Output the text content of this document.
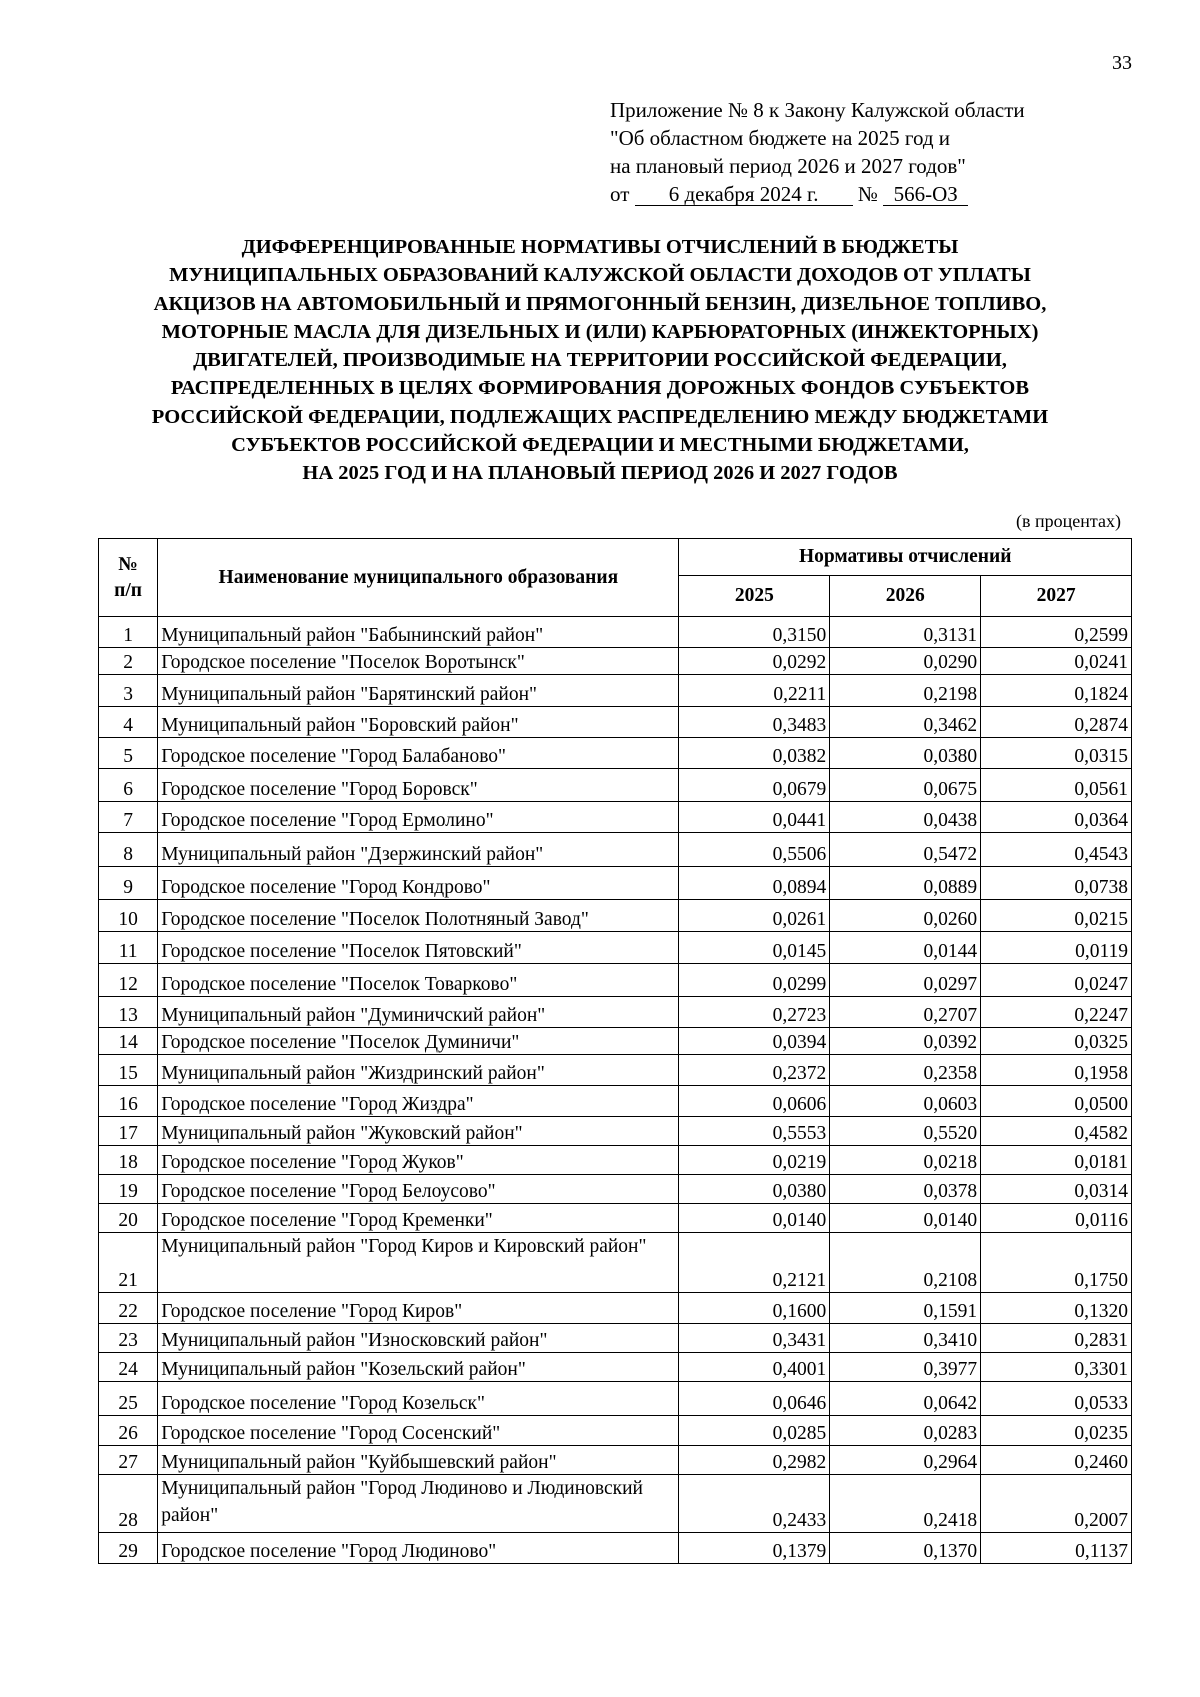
33
Приложение № 8 к Закону Калужской области
"Об областном бюджете на 2025 год и
на плановый период 2026 и 2027 годов"
от 6 декабря 2024 г. № 566-ОЗ
ДИФФЕРЕНЦИРОВАННЫЕ НОРМАТИВЫ ОТЧИСЛЕНИЙ В БЮДЖЕТЫ
МУНИЦИПАЛЬНЫХ ОБРАЗОВАНИЙ КАЛУЖСКОЙ ОБЛАСТИ ДОХОДОВ ОТ УПЛАТЫ
АКЦИЗОВ НА АВТОМОБИЛЬНЫЙ И ПРЯМОГОННЫЙ БЕНЗИН, ДИЗЕЛЬНОЕ ТОПЛИВО,
МОТОРНЫЕ МАСЛА ДЛЯ ДИЗЕЛЬНЫХ И (ИЛИ) КАРБЮРАТОРНЫХ (ИНЖЕКТОРНЫХ)
ДВИГАТЕЛЕЙ, ПРОИЗВОДИМЫЕ НА ТЕРРИТОРИИ РОССИЙСКОЙ ФЕДЕРАЦИИ,
РАСПРЕДЕЛЕННЫХ В ЦЕЛЯХ ФОРМИРОВАНИЯ ДОРОЖНЫХ ФОНДОВ СУБЪЕКТОВ
РОССИЙСКОЙ ФЕДЕРАЦИИ, ПОДЛЕЖАЩИХ РАСПРЕДЕЛЕНИЮ МЕЖДУ БЮДЖЕТАМИ
СУБЪЕКТОВ РОССИЙСКОЙ ФЕДЕРАЦИИ И МЕСТНЫМИ БЮДЖЕТАМИ,
НА 2025 ГОД И НА ПЛАНОВЫЙ ПЕРИОД 2026 И 2027 ГОДОВ
(в процентах)
№
п/п	Наименование муниципального образования	Нормативы отчислений		
		2025	2026	2027
1	Муниципальный район "Бабынинский район"	0,3150	0,3131	0,2599
2	Городское поселение "Поселок Воротынск"	0,0292	0,0290	0,0241
3	Муниципальный район "Барятинский район"	0,2211	0,2198	0,1824
4	Муниципальный район "Боровский район"	0,3483	0,3462	0,2874
5	Городское поселение "Город Балабаново"	0,0382	0,0380	0,0315
6	Городское поселение "Город Боровск"	0,0679	0,0675	0,0561
7	Городское поселение "Город Ермолино"	0,0441	0,0438	0,0364
8	Муниципальный район "Дзержинский район"	0,5506	0,5472	0,4543
9	Городское поселение "Город Кондрово"	0,0894	0,0889	0,0738
10	Городское поселение "Поселок Полотняный Завод"	0,0261	0,0260	0,0215
11	Городское поселение "Поселок Пятовский"	0,0145	0,0144	0,0119
12	Городское поселение "Поселок Товарково"	0,0299	0,0297	0,0247
13	Муниципальный район "Думиничский район"	0,2723	0,2707	0,2247
14	Городское поселение "Поселок Думиничи"	0,0394	0,0392	0,0325
15	Муниципальный район "Жиздринский район"	0,2372	0,2358	0,1958
16	Городское поселение "Город Жиздра"	0,0606	0,0603	0,0500
17	Муниципальный район "Жуковский район"	0,5553	0,5520	0,4582
18	Городское поселение "Город Жуков"	0,0219	0,0218	0,0181
19	Городское поселение "Город Белоусово"	0,0380	0,0378	0,0314
20	Городское поселение "Город Кременки"	0,0140	0,0140	0,0116
21	Муниципальный район "Город Киров и Кировский район"	0,2121	0,2108	0,1750
22	Городское поселение "Город Киров"	0,1600	0,1591	0,1320
23	Муниципальный район "Износковский район"	0,3431	0,3410	0,2831
24	Муниципальный район "Козельский район"	0,4001	0,3977	0,3301
25	Городское поселение "Город Козельск"	0,0646	0,0642	0,0533
26	Городское поселение "Город Сосенский"	0,0285	0,0283	0,0235
27	Муниципальный район "Куйбышевский район"	0,2982	0,2964	0,2460
28	Муниципальный район "Город Людиново и Людиновский район"	0,2433	0,2418	0,2007
29	Городское поселение "Город Людиново"	0,1379	0,1370	0,1137
